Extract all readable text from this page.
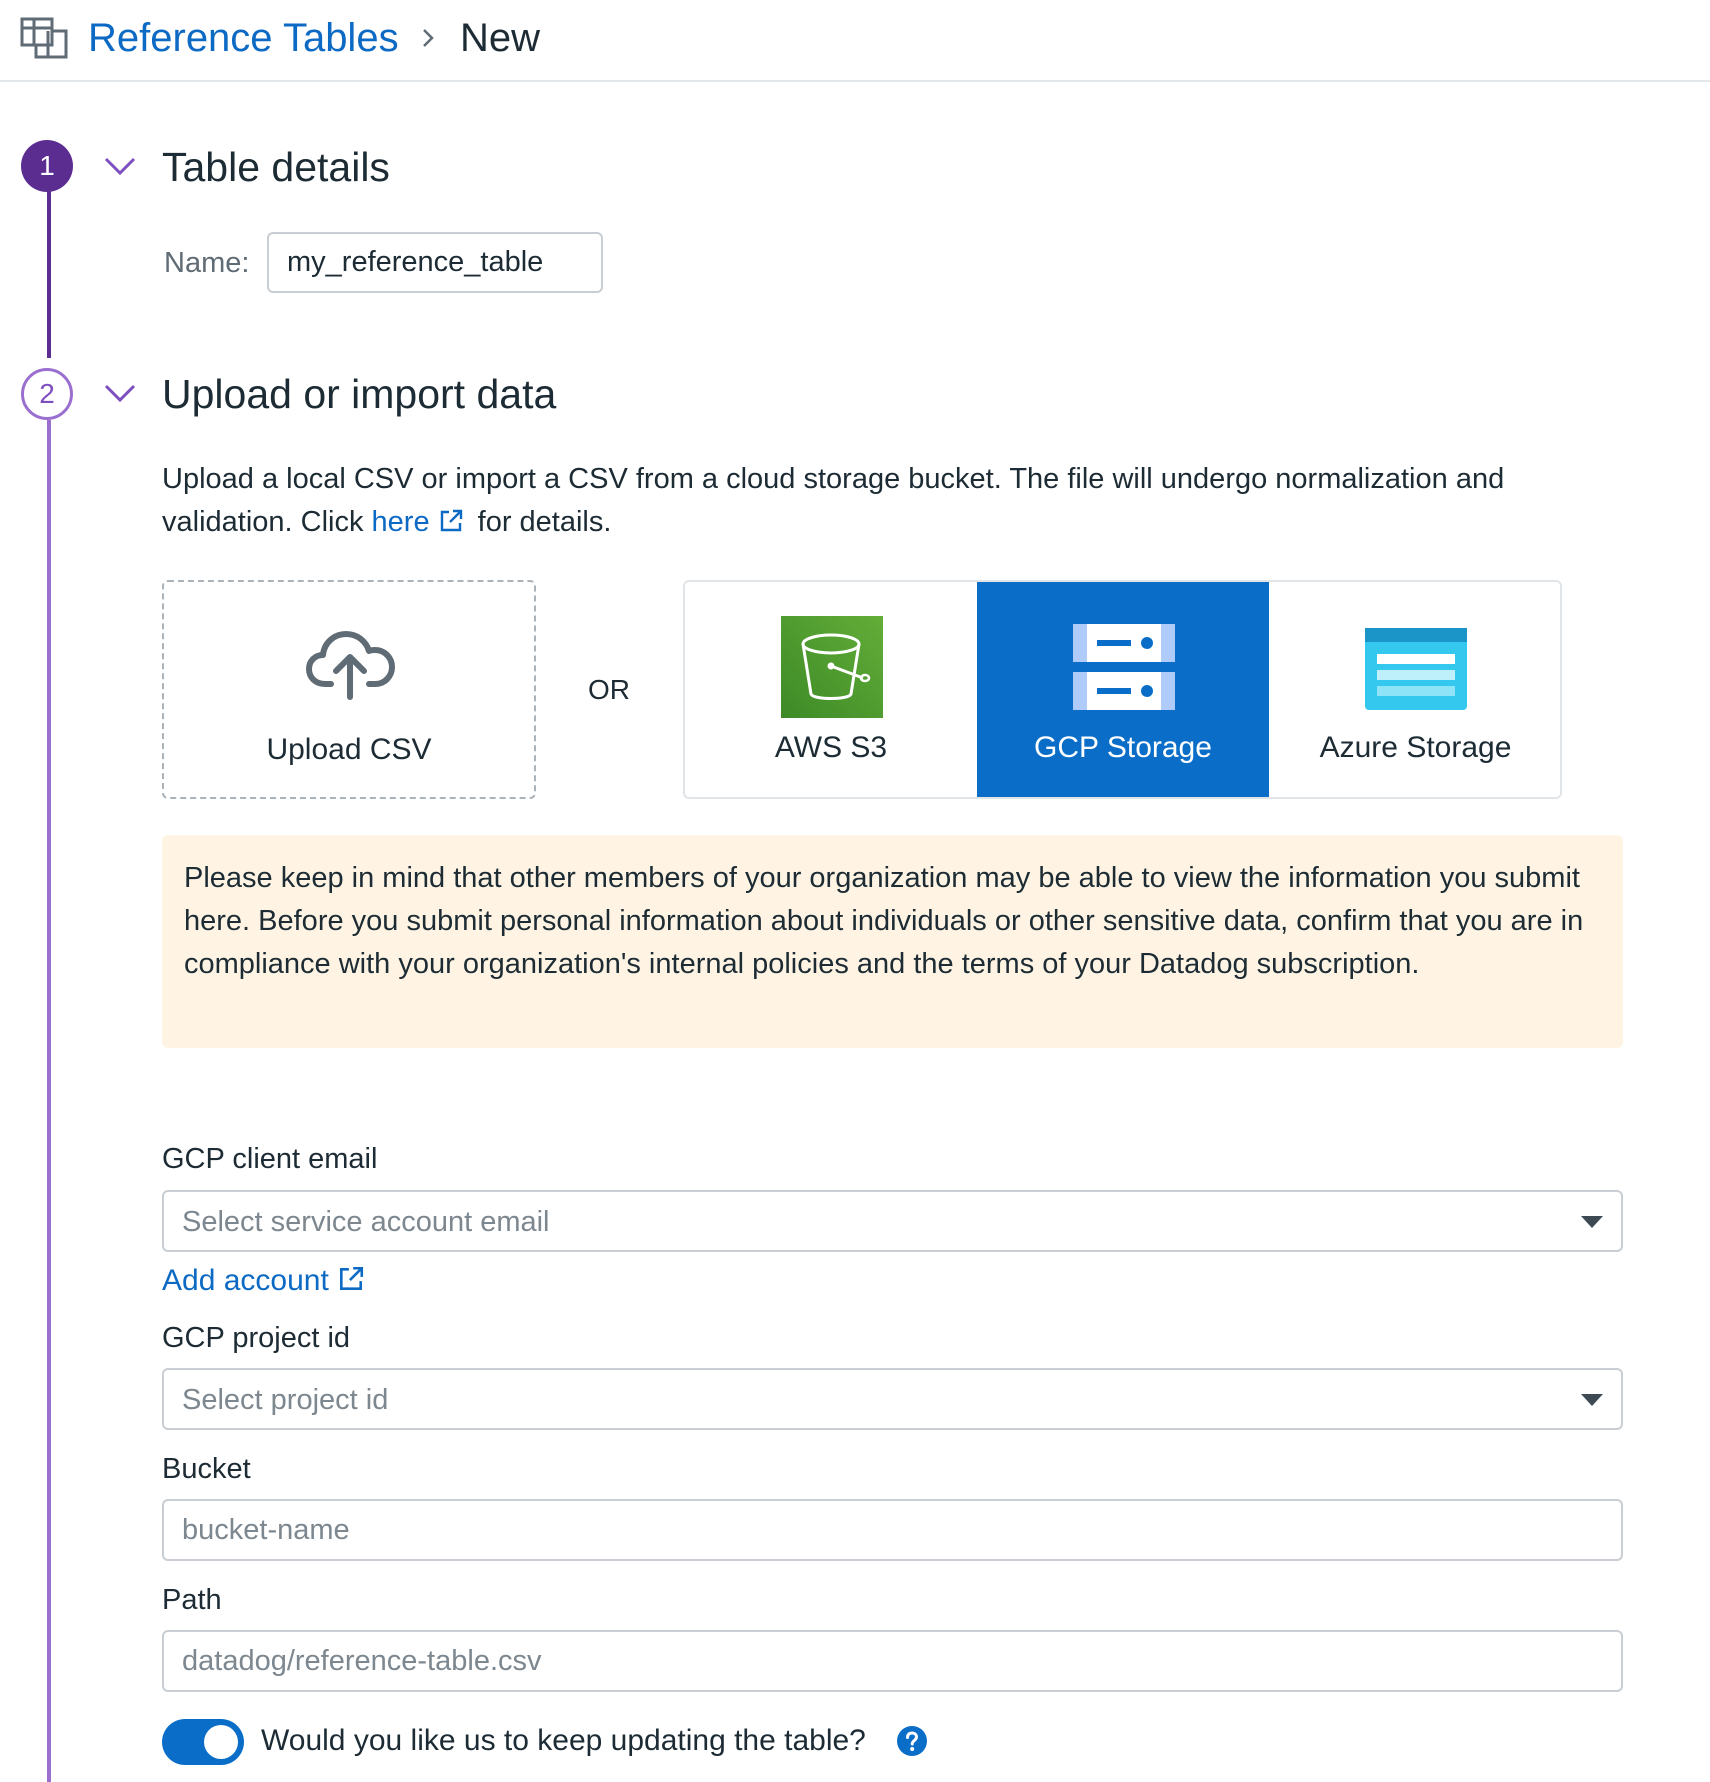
Reference Tables New
1	Table details
Name:
my_reference_table
2	Upload or import data
Upload a local CSV or import a CSV from a cloud storage bucket. The file will undergo normalization and validation. Click here for details.
Upload CSV
OR
AWS S3	GCP Storage	Azure Storage
Please keep in mind that other members of your organization may be able to view the information you submit here. Before you submit personal information about individuals or other sensitive data, confirm that you are in compliance with your organization's internal policies and the terms of your Datadog subscription.
GCP client email
Select service account email
Add account
GCP project id
Select project id
Bucket
bucket-name
Path
datadog/reference-table.csv
Would you like us to keep updating the table?
